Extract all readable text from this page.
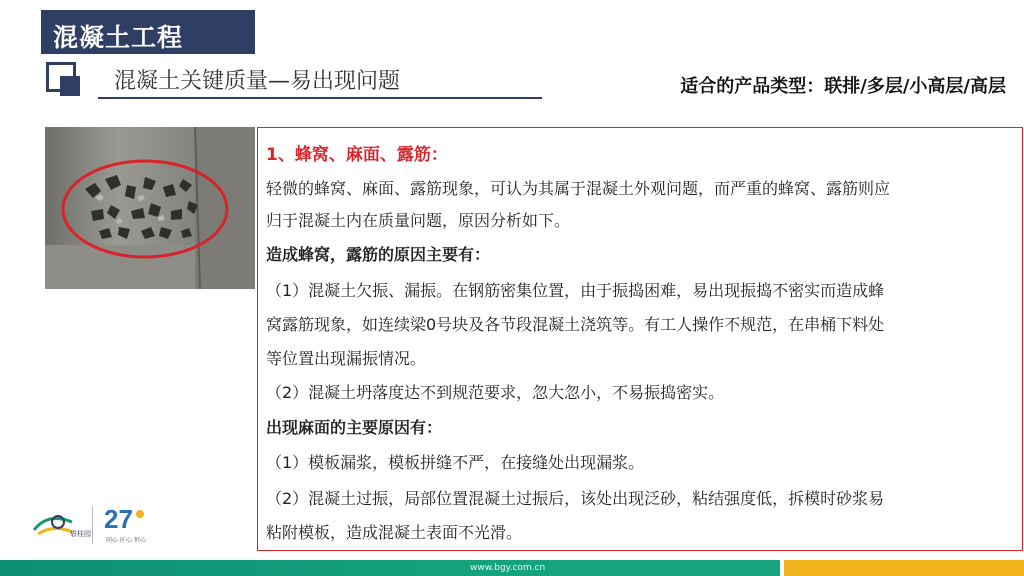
混凝土工程
混凝土关键质量—易出现问题	适合的产品类型：联排/多层/小高层/高层

1、蜂窝、麻面、露筋：

轻微的蜂窝、麻面、露筋现象，可认为其属于混凝土外观问题，而严重的蜂窝、露筋则应

归于混凝土内在质量问题，原因分析如下。

造成蜂窝，露筋的原因主要有：

（1）混凝土欠振、漏振。在钢筋密集位置，由于振捣困难，易出现振捣不密实而造成蜂

窝露筋现象，如连续梁0号块及各节段混凝土浇筑等。有工人操作不规范，在串桶下料处

等位置出现漏振情况。

（2）混凝土坍落度达不到规范要求，忽大忽小，不易振捣密实。

出现麻面的主要原因有：

（1）模板漏浆，模板拼缝不严，在接缝处出现漏浆。

（2）混凝土过振，局部位置混凝土过振后，该处出现泛砂，粘结强度低，拆模时砂浆易

粘附模板，造成混凝土表面不光滑。

碧桂园
27
同心·匠心·恒心
www.bgy.com.cn
